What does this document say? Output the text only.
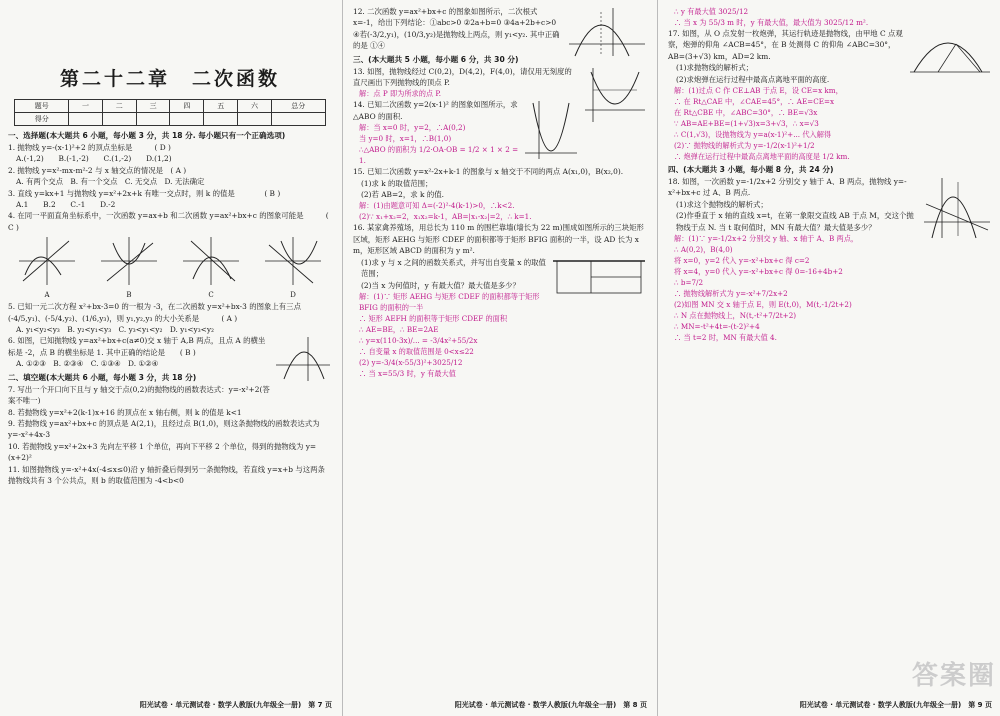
第二十二章　二次函数
题号	一	二	三	四	五	六	总分
得分							

一、选择题(本大题共 6 小题，每小题 3 分，共 18 分. 每小题只有一个正确选项)

1. 抛物线 y=-(x-1)²+2 的顶点坐标是　　　( D )

A.(-1,2)　　B.(-1,-2)　　C.(1,-2)　　D.(1,2)

2. 抛物线 y=x²-mx-m²-2 与 x 轴交点的情况是　( A )

A. 有两个交点　B. 有一个交点　C. 无交点　D. 无法确定

3. 直线 y=kx+1 与抛物线 y=x²+2x+k 有唯一交点时，则 k 的值是　　　　( B )

A.1　　B.2　　C.-1　　D.-2

4. 在同一平面直角坐标系中，一次函数 y=ax+b 和二次函数 y=ax²+bx+c 的图象可能是　　　( C )

A	B	C	D

5. 已知一元二次方程 x²+bx-3=0 的一根为 -3，在二次函数 y=x²+bx-3 的图象上有三点(-4/5,y₁)、(-5/4,y₂)、(1/6,y₃)，则 y₁,y₂,y₃ 的大小关系是　　　( A )

A. y₁<y₂<y₃　B. y₂<y₁<y₃　C. y₃<y₁<y₂　D. y₁<y₃<y₂

6. 如图，已知抛物线 y=ax²+bx+c(a≠0)交 x 轴于 A,B 两点，且点 A 的横坐标是 -2，点 B 的横坐标是 1. 其中正确的结论是　　( B )

A. ①②③　B. ②③④　C. ①③④　D. ①②④

二、填空题(本大题共 6 小题，每小题 3 分，共 18 分)

7. 写出一个开口向下且与 y 轴交于点(0,2)的抛物线的函数表达式：y=-x²+2(答案不唯一)

8. 若抛物线 y=x²+2(k-1)x+16 的顶点在 x 轴右侧，则 k 的值是 k<1

9. 若抛物线 y=ax²+bx+c 的顶点是 A(2,1)，且经过点 B(1,0)，则这条抛物线的函数表达式为 y=-x²+4x-3

10. 若抛物线 y=x²+2x+3 先向左平移 1 个单位，再向下平移 2 个单位，得到的抛物线为 y=(x+2)²

11. 如图抛物线 y=-x²+4x(-4≤x≤0)沿 y 轴折叠后得到另一条抛物线，若直线 y=x+b 与这两条抛物线共有 3 个公共点，则 b 的取值范围为 -4<b<0

阳光试卷 · 单元测试卷 · 数学人教版(九年级全一册)　第 7 页

12. 二次函数 y=ax²+bx+c 的图象如图所示，二次根式 x=-1，给出下列结论：①abc>0 ②2a+b=0 ③4a+2b+c>0 ④若(-3/2,y₁)，(10/3,y₂)是抛物线上两点，则 y₁<y₂. 其中正确的是 ①④

三、(本大题共 5 小题，每小题 6 分，共 30 分)

13. 如图，抛物线经过 C(0,2)，D(4,2)，F(4,0)，请仅用无刻度的直尺画出下列抛物线的顶点 P.

解：点 P 即为所求的点 P.

14. 已知二次函数 y=2(x-1)² 的图象如图所示，求 △ABO 的面积.

解：当 x=0 时，y=2，∴A(0,2)

当 y=0 时，x=1，∴B(1,0)

∴△ABO 的面积为 1/2·OA·OB = 1/2 × 1 × 2 = 1.

15. 已知二次函数 y=x²-2x+k-1 的图象与 x 轴交于不同的两点 A(x₁,0)，B(x₂,0).

(1)求 k 的取值范围；

(2)若 AB=2，求 k 的值.

解：(1)由题意可知 Δ=(-2)²-4(k-1)>0，∴k<2.

(2)∵ x₁+x₂=2，x₁x₂=k-1，AB=|x₁-x₂|=2，∴ k=1.

16. 某家禽养殖场，用总长为 110 m 的围栏靠墙(墙长为 22 m)围成如图所示的三块矩形区域，矩形 AEHG 与矩形 CDEF 的面积都等于矩形 BFIG 面积的一半，设 AD 长为 x m，矩形区域 ABCD 的面积为 y m².

(1)求 y 与 x 之间的函数关系式，并写出自变量 x 的取值范围；

(2)当 x 为何值时，y 有最大值？最大值是多少？

解：(1)∵ 矩形 AEHG 与矩形 CDEF 的面积都等于矩形 BFIG 的面积的一半

∴ 矩形 AEFH 的面积等于矩形 CDEF 的面积

∴ AE=BE，∴ BE=2AE

∴ y=x(110-3x)/... = -3/4x²+55/2x

∴ 自变量 x 的取值范围是 0<x≤22

(2) y=-3/4(x-55/3)²+3025/12

∴ 当 x=55/3 时，y 有最大值

阳光试卷 · 单元测试卷 · 数学人教版(九年级全一册)　第 8 页

∴ y 有最大值 3025/12

∴ 当 x 为 55/3 m 时，y 有最大值，最大值为 3025/12 m².

17. 如图，从 O 点发射一枚炮弹，其运行轨迹是抛物线，由甲地 C 点观察，炮弹的仰角 ∠ACB=45°，在 B 处测得 C 的仰角 ∠ABC=30°，AB=(3+√3) km，AD=2 km.

(1)求抛物线的解析式；

(2)求炮弹在运行过程中最高点离地平面的高度.

解：(1)过点 C 作 CE⊥AB 于点 E，设 CE=x km，

∴ 在 Rt△CAE 中，∠CAE=45°，∴ AE=CE=x

在 Rt△CBE 中，∠ABC=30°，∴ BE=√3x

∵ AB=AE+BE=(1+√3)x=3+√3，∴ x=√3

∴ C(1,√3)，设抛物线为 y=a(x-1)²+... 代入解得

(2)∵ 抛物线的解析式为 y=-1/2(x-1)²+1/2

∴ 炮弹在运行过程中最高点离地平面的高度是 1/2 km.

四、(本大题共 3 小题，每小题 8 分，共 24 分)

18. 如图，一次函数 y=-1/2x+2 分别交 y 轴于 A、B 两点，抛物线 y=-x²+bx+c 过 A、B 两点.

(1)求这个抛物线的解析式；

(2)作垂直于 x 轴的直线 x=t，在第一象限交直线 AB 于点 M，交这个抛物线于点 N. 当 t 取何值时，MN 有最大值？最大值是多少？

解：(1)∵ y=-1/2x+2 分别交 y 轴、x 轴于 A、B 两点，

∴ A(0,2)，B(4,0)

将 x=0，y=2 代入 y=-x²+bx+c 得 c=2

将 x=4，y=0 代入 y=-x²+bx+c 得 0=-16+4b+2

∴ b=7/2

∴ 抛物线解析式为 y=-x²+7/2x+2

(2)如图 MN 交 x 轴于点 E，则 E(t,0)，M(t,-1/2t+2)

∴ N 点在抛物线上，N(t,-t²+7/2t+2)

∴ MN=-t²+4t=-(t-2)²+4

∴ 当 t=2 时，MN 有最大值 4.

答案圈
阳光试卷 · 单元测试卷 · 数学人教版(九年级全一册)　第 9 页
